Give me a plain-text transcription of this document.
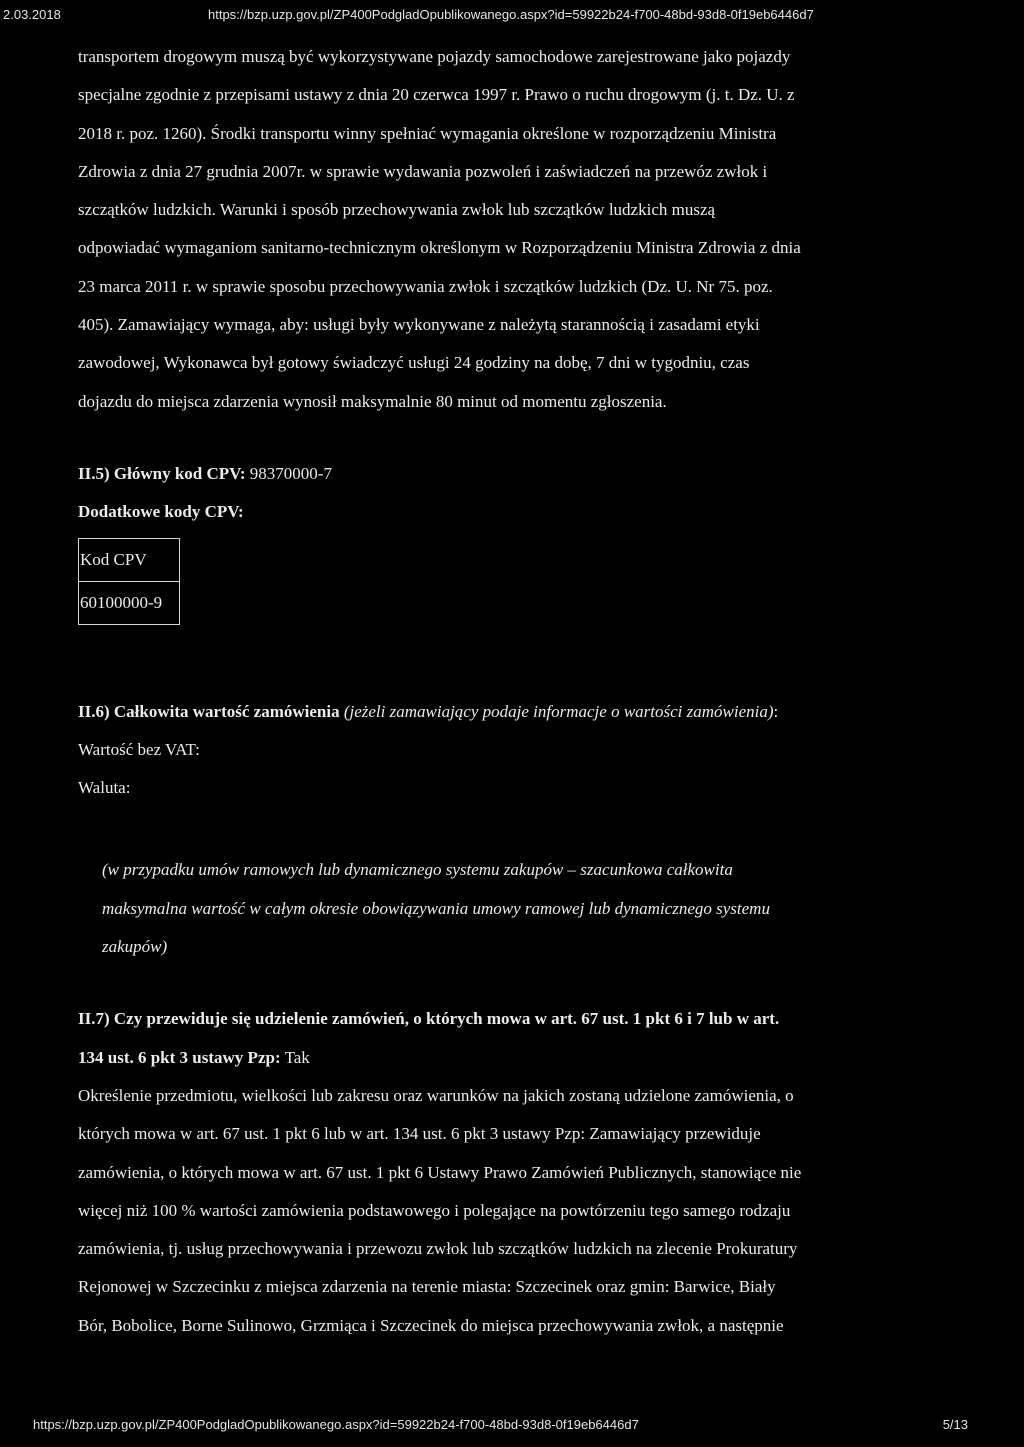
2.03.2018	https://bzp.uzp.gov.pl/ZP400PodgladOpublikowanego.aspx?id=59922b24-f700-48bd-93d8-0f19eb6446d7
transportem drogowym muszą być wykorzystywane pojazdy samochodowe zarejestrowane jako pojazdy
specjalne zgodnie z przepisami ustawy z dnia 20 czerwca 1997 r. Prawo o ruchu drogowym (j. t. Dz. U. z
2018 r. poz. 1260). Środki transportu winny spełniać wymagania określone w rozporządzeniu Ministra
Zdrowia z dnia 27 grudnia 2007r. w sprawie wydawania pozwoleń i zaświadczeń na przewóz zwłok i
szczątków ludzkich. Warunki i sposób przechowywania zwłok lub szczątków ludzkich muszą
odpowiadać wymaganiom sanitarno-technicznym określonym w Rozporządzeniu Ministra Zdrowia z dnia
23 marca 2011 r. w sprawie sposobu przechowywania zwłok i szczątków ludzkich (Dz. U. Nr 75. poz.
405). Zamawiający wymaga, aby: usługi były wykonywane z należytą starannością i zasadami etyki
zawodowej, Wykonawca był gotowy świadczyć usługi 24 godziny na dobę, 7 dni w tygodniu, czas
dojazdu do miejsca zdarzenia wynosił maksymalnie 80 minut od momentu zgłoszenia.
II.5) Główny kod CPV: 98370000-7
Dodatkowe kody CPV:
Kod CPV
60100000-9
II.6) Całkowita wartość zamówienia (jeżeli zamawiający podaje informacje o wartości zamówienia):
Wartość bez VAT:
Waluta:
(w przypadku umów ramowych lub dynamicznego systemu zakupów – szacunkowa całkowita
maksymalna wartość w całym okresie obowiązywania umowy ramowej lub dynamicznego systemu
zakupów)
II.7) Czy przewiduje się udzielenie zamówień, o których mowa w art. 67 ust. 1 pkt 6 i 7 lub w art.
134 ust. 6 pkt 3 ustawy Pzp: Tak
Określenie przedmiotu, wielkości lub zakresu oraz warunków na jakich zostaną udzielone zamówienia, o
których mowa w art. 67 ust. 1 pkt 6 lub w art. 134 ust. 6 pkt 3 ustawy Pzp: Zamawiający przewiduje
zamówienia, o których mowa w art. 67 ust. 1 pkt 6 Ustawy Prawo Zamówień Publicznych, stanowiące nie
więcej niż 100 % wartości zamówienia podstawowego i polegające na powtórzeniu tego samego rodzaju
zamówienia, tj. usług przechowywania i przewozu zwłok lub szczątków ludzkich na zlecenie Prokuratury
Rejonowej w Szczecinku z miejsca zdarzenia na terenie miasta: Szczecinek oraz gmin: Barwice, Biały
Bór, Bobolice, Borne Sulinowo, Grzmiąca i Szczecinek do miejsca przechowywania zwłok, a następnie
https://bzp.uzp.gov.pl/ZP400PodgladOpublikowanego.aspx?id=59922b24-f700-48bd-93d8-0f19eb6446d7	5/13
